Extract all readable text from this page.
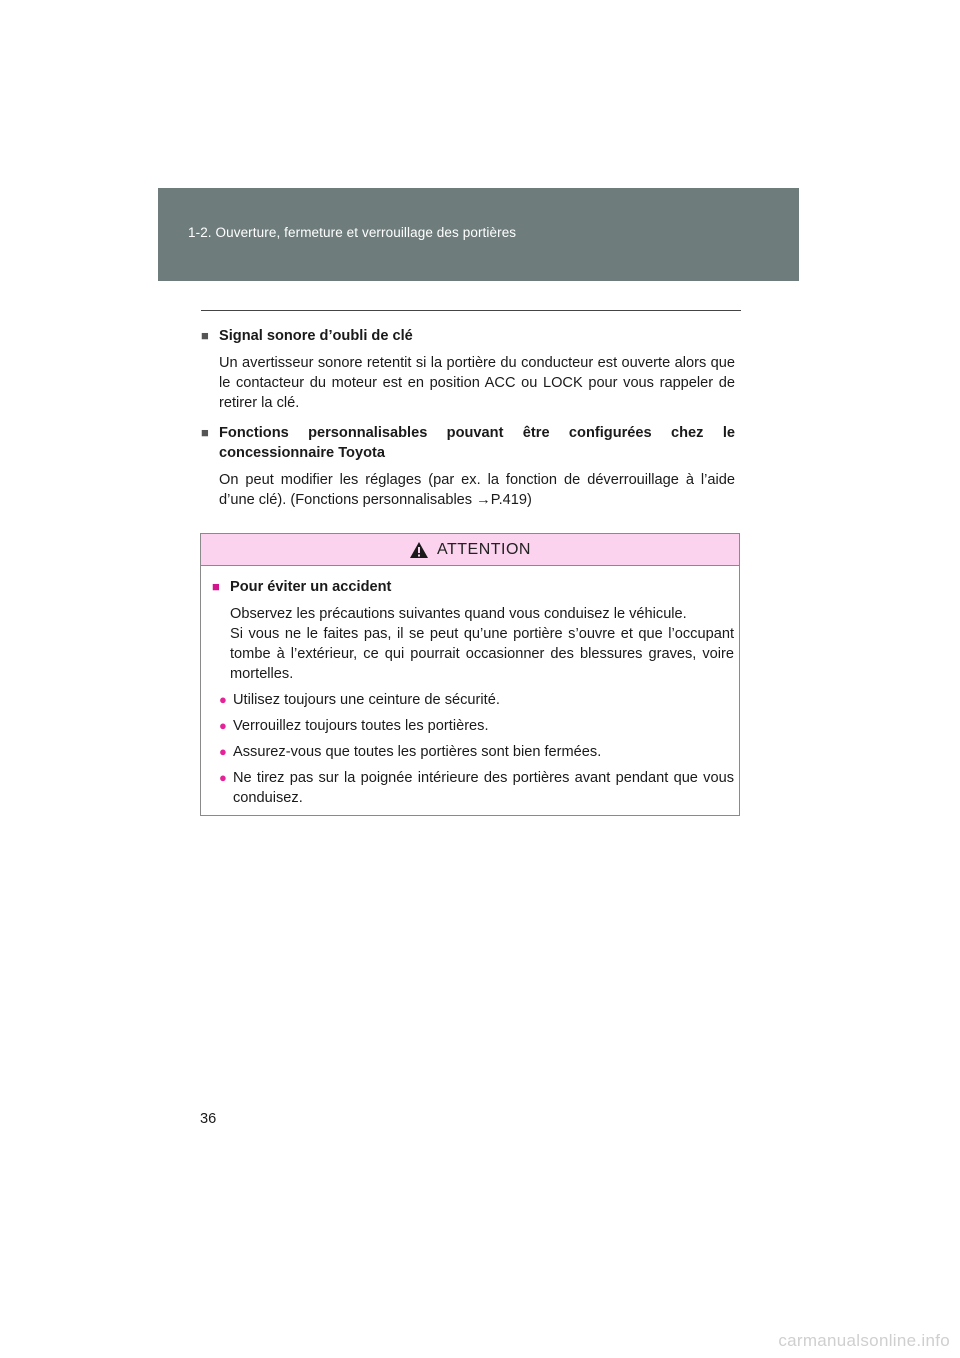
1-2. Ouverture, fermeture et verrouillage des portières
■ Signal sonore d’oubli de clé
Un avertisseur sonore retentit si la portière du conducteur est ouverte alors que le contacteur du moteur est en position ACC ou LOCK pour vous rappeler de retirer la clé.
■ Fonctions personnalisables pouvant être configurées chez le concessionnaire Toyota
On peut modifier les réglages (par ex. la fonction de déverrouillage à l’aide d’une clé). (Fonctions personnalisables →P.419)
ATTENTION
■ Pour éviter un accident

Observez les précautions suivantes quand vous conduisez le véhicule.

Si vous ne le faites pas, il se peut qu’une portière s’ouvre et que l’occupant tombe à l’extérieur, ce qui pourrait occasionner des blessures graves, voire mortelles.

● Utilisez toujours une ceinture de sécurité.
● Verrouillez toujours toutes les portières.
● Assurez-vous que toutes les portières sont bien fermées.
● Ne tirez pas sur la poignée intérieure des portières avant pendant que vous conduisez.
36
carmanualsonline.info
